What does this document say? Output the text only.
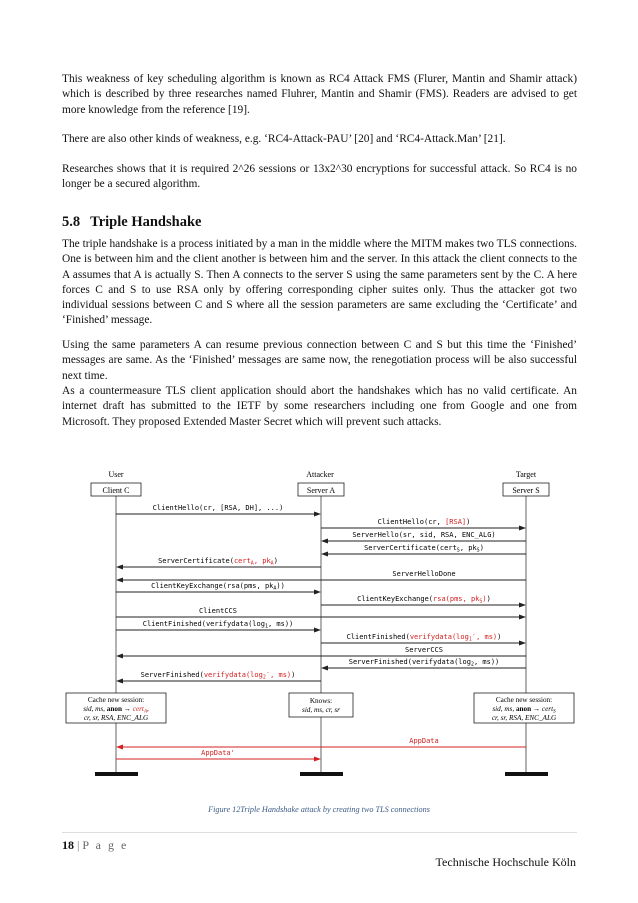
This weakness of key scheduling algorithm is known as RC4 Attack FMS (Flurer, Mantin and Shamir attack) which is described by three researches named Fluhrer, Mantin and Shamir (FMS). Readers are advised to get more knowledge from the reference [19].

There are also other kinds of weakness, e.g. ‘RC4-Attack-PAU’ [20] and ‘RC4-Attack.Man’ [21].

Researches shows that it is required 2^26 sessions or 13x2^30 encryptions for successful attack. So RC4 is no longer be a secured algorithm.

5.8 Triple Handshake

The triple handshake is a process initiated by a man in the middle where the MITM makes two TLS connections. One is between him and the client another is between him and the server. In this attack the client connects to the A assumes that A is actually S. Then A connects to the server S using the same parameters sent by the C. A here forces C and S to use RSA only by offering corresponding cipher suites only. Thus the attacker got two individual sessions between C and S where all the session parameters are same excluding the ‘Certificate’ and ‘Finished’ message.

Using the same parameters A can resume previous connection between C and S but this time the ‘Finished’ messages are same. As the ‘Finished’ messages are same now, the renegotiation process will be also successful next time.

As a countermeasure TLS client application should abort the handshakes which has no valid certificate. An internet draft has submitted to the IETF by some researchers including one from Google and one from Microsoft. They proposed Extended Master Secret which will prevent such attacks.

User
Client C
Attacker
Server A
Target
Server S
ClientHello(cr, [RSA, DH], ...)
ClientHello(cr, [RSA])
ServerHello(sr, sid, RSA, ENC_ALG)
ServerCertificate(cert$_S$, $pk_S$)
ServerCertificate(cert$_A$, $pk_A$)
ServerHelloDone
ClientKeyExchange(rsa(pms, $pk_A$))
ClientKeyExchange(rsa(pms, $pk_S$))
ClientCCS
$ClientFinished(verifydata(\log_1$, ms))
$ClientFinished(verifydata(\log_1'$, ms))
ServerCCS
$ServerFinished(verifydata(\log_2$, ms))
$ServerFinished(verifydata(\log_2'$, ms))
Cache new session:
sid, ms, anon → cert$_A$,
cr, sr, RSA, ENC_ALG
Knows:
sid, ms, cr, sr
Cache new session:
sid, ms, anon → cert$_S$
cr, sr, RSA, ENC_ALG
AppData
AppData'
Figure 12Triple Handshake attack by creating two TLS connections
18 | P a g e
Technische Hochschule Köln
